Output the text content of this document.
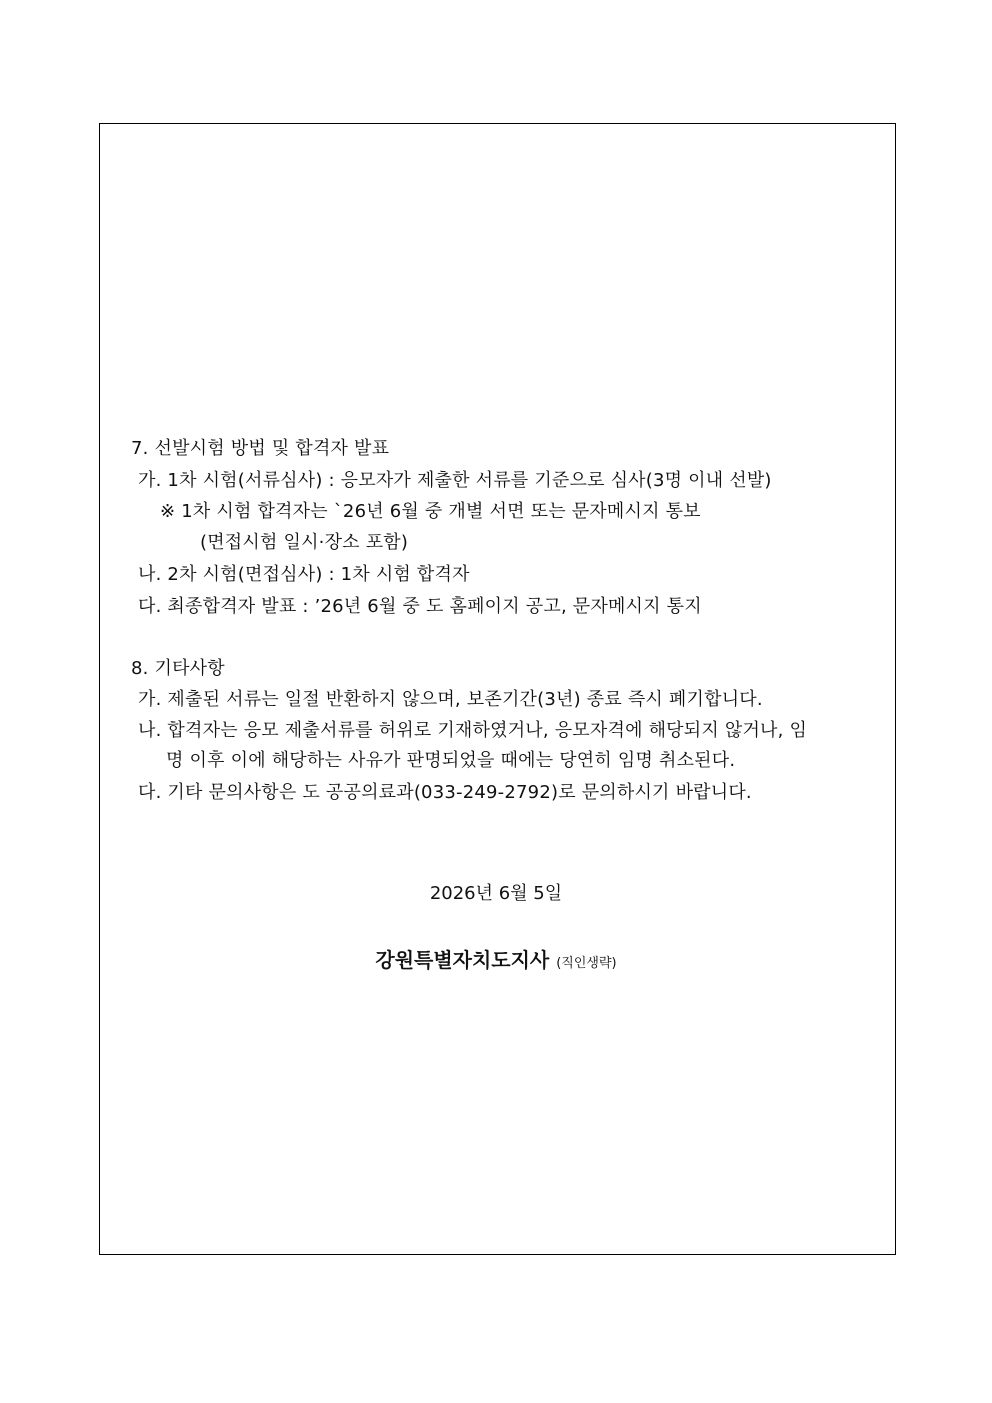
7. 선발시험 방법 및 합격자 발표
가. 1차 시험(서류심사) : 응모자가 제출한 서류를 기준으로 심사(3명 이내 선발)
※ 1차 시험 합격자는 `26년 6월 중 개별 서면 또는 문자메시지 통보
(면접시험 일시·장소 포함)
나. 2차 시험(면접심사) : 1차 시험 합격자
다. 최종합격자 발표 : ’26년 6월 중 도 홈페이지 공고, 문자메시지 통지
8. 기타사항
가. 제출된 서류는 일절 반환하지 않으며, 보존기간(3년) 종료 즉시 폐기합니다.
나. 합격자는 응모 제출서류를 허위로 기재하였거나, 응모자격에 해당되지 않거나, 임
명 이후 이에 해당하는 사유가 판명되었을 때에는 당연히 임명 취소된다.
다. 기타 문의사항은 도 공공의료과(033-249-2792)로 문의하시기 바랍니다.
2026년 6월 5일
강원특별자치도지사 (직인생략)
